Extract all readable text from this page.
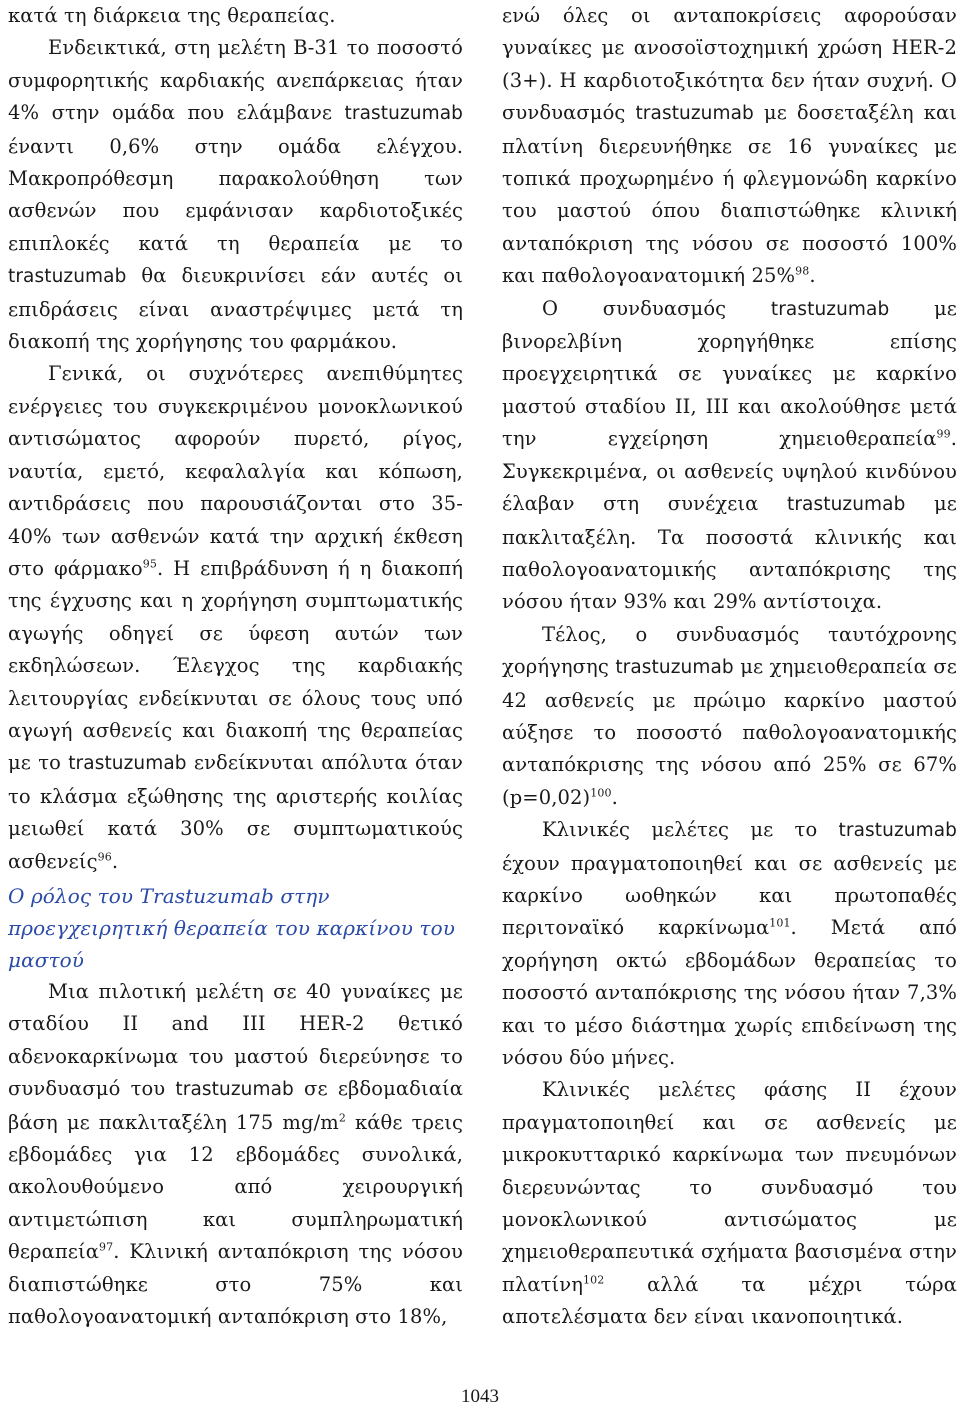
κατά τη διάρκεια της θεραπείας.

Ενδεικτικά, στη μελέτη Β-31 το ποσοστό συμφορητικής καρδιακής ανεπάρκειας ήταν 4% στην ομάδα που ελάμβανε trastuzumab έναντι 0,6% στην ομάδα ελέγχου. Μακροπρόθεσμη παρακολούθηση των ασθενών που εμφάνισαν καρδιοτοξικές επιπλοκές κατά τη θεραπεία με το trastuzumab θα διευκρινίσει εάν αυτές οι επιδράσεις είναι αναστρέψιμες μετά τη διακοπή της χορήγησης του φαρμάκου.

Γενικά, οι συχνότερες ανεπιθύμητες ενέργειες του συγκεκριμένου μονοκλωνικού αντισώματος αφορούν πυρετό, ρίγος, ναυτία, εμετό, κεφαλαλγία και κόπωση, αντιδράσεις που παρουσιάζονται στο 35-40% των ασθενών κατά την αρχική έκθεση στο φάρμακο$^{95}$. Η επιβράδυνση ή η διακοπή της έγχυσης και η χορήγηση συμπτωματικής αγωγής οδηγεί σε ύφεση αυτών των εκδηλώσεων. Έλεγχος της καρδιακής λειτουργίας ενδείκνυται σε όλους τους υπό αγωγή ασθενείς και διακοπή της θεραπείας με το trastuzumab ενδείκνυται απόλυτα όταν το κλάσμα εξώθησης της αριστερής κοιλίας μειωθεί κατά 30% σε συμπτωματικούς ασθενείς$^{96}$.

Ο ρόλος του Trastuzumab στην προεγχειρητική θεραπεία του καρκίνου του μαστού

Μια πιλοτική μελέτη σε 40 γυναίκες με σταδίου II and III HER-2 θετικό αδενοκαρκίνωμα του μαστού διερεύνησε το συνδυασμό του trastuzumab σε εβδομαδιαία βάση με πακλιταξέλη 175 $mg/m^2$ κάθε τρεις εβδομάδες για 12 εβδομάδες συνολικά, ακολουθούμενο από χειρουργική αντιμετώπιση και συμπληρωματική θεραπεία$^{97}$. Κλινική ανταπόκριση της νόσου διαπιστώθηκε στο 75% και παθολογοανατομική ανταπόκριση στο 18%,

ενώ όλες οι ανταποκρίσεις αφορούσαν γυναίκες με ανοσοϊστοχημική χρώση HER-2 (3+). Η καρδιοτοξικότητα δεν ήταν συχνή. Ο συνδυασμός trastuzumab με δοσεταξέλη και πλατίνη διερευνήθηκε σε 16 γυναίκες με τοπικά προχωρημένο ή φλεγμονώδη καρκίνο του μαστού όπου διαπιστώθηκε κλινική ανταπόκριση της νόσου σε ποσοστό 100% και παθολογοανατομική 25%$^{98}$.

Ο συνδυασμός trastuzumab με βινορελβίνη χορηγήθηκε επίσης προεγχειρητικά σε γυναίκες με καρκίνο μαστού σταδίου II, III και ακολούθησε μετά την εγχείρηση χημειοθεραπεία$^{99}$. Συγκεκριμένα, οι ασθενείς υψηλού κινδύνου έλαβαν στη συνέχεια trastuzumab με πακλιταξέλη. Τα ποσοστά κλινικής και παθολογοανατομικής ανταπόκρισης της νόσου ήταν 93% και 29% αντίστοιχα.

Τέλος, ο συνδυασμός ταυτόχρονης χορήγησης trastuzumab με χημειοθεραπεία σε 42 ασθενείς με πρώιμο καρκίνο μαστού αύξησε το ποσοστό παθολογοανατομικής ανταπόκρισης της νόσου από 25% σε 67% (p=0,02)$^{100}$.

Κλινικές μελέτες με το trastuzumab έχουν πραγματοποιηθεί και σε ασθενείς με καρκίνο ωοθηκών και πρωτοπαθές περιτοναϊκό καρκίνωμα$^{101}$. Μετά από χορήγηση οκτώ εβδομάδων θεραπείας το ποσοστό ανταπόκρισης της νόσου ήταν 7,3% και το μέσο διάστημα χωρίς επιδείνωση της νόσου δύο μήνες.

Κλινικές μελέτες φάσης II έχουν πραγματοποιηθεί και σε ασθενείς με μικροκυτταρικό καρκίνωμα των πνευμόνων διερευνώντας το συνδυασμό του μονοκλωνικού αντισώματος με χημειοθεραπευτικά σχήματα βασισμένα στην πλατίνη$^{102}$ αλλά τα μέχρι τώρα αποτελέσματα δεν είναι ικανοποιητικά.

1043
